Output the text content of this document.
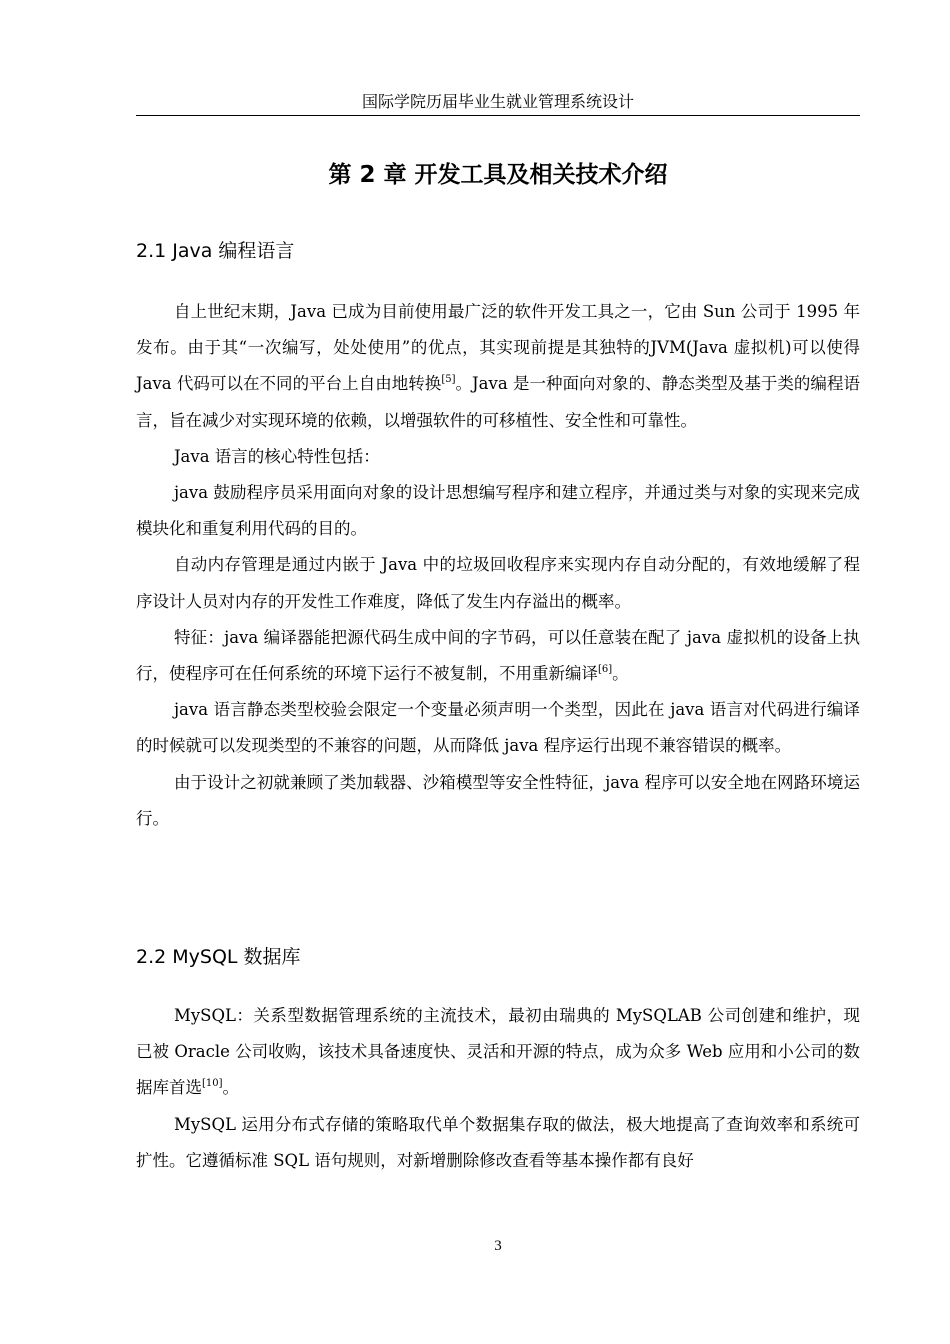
国际学院历届毕业生就业管理系统设计
第 2 章 开发工具及相关技术介绍
2.1 Java 编程语言

自上世纪末期，Java 已成为目前使用最广泛的软件开发工具之一，它由 Sun 公司于 1995 年发布。由于其“一次编写，处处使用”的优点，其实现前提是其独特的JVM(Java 虚拟机)可以使得 Java 代码可以在不同的平台上自由地转换[5]。Java 是一种面向对象的、静态类型及基于类的编程语言，旨在减少对实现环境的依赖，以增强软件的可移植性、安全性和可靠性。

Java 语言的核心特性包括：

java 鼓励程序员采用面向对象的设计思想编写程序和建立程序，并通过类与对象的实现来完成模块化和重复利用代码的目的。

自动内存管理是通过内嵌于 Java 中的垃圾回收程序来实现内存自动分配的，有效地缓解了程序设计人员对内存的开发性工作难度，降低了发生内存溢出的概率。

特征：java 编译器能把源代码生成中间的字节码，可以任意装在配了 java 虚拟机的设备上执行，使程序可在任何系统的环境下运行不被复制，不用重新编译[6]。

java 语言静态类型校验会限定一个变量必须声明一个类型，因此在 java 语言对代码进行编译的时候就可以发现类型的不兼容的问题，从而降低 java 程序运行出现不兼容错误的概率。

由于设计之初就兼顾了类加载器、沙箱模型等安全性特征，java 程序可以安全地在网路环境运行。

2.2 MySQL 数据库

MySQL：关系型数据管理系统的主流技术，最初由瑞典的 MySQLAB 公司创建和维护，现已被 Oracle 公司收购，该技术具备速度快、灵活和开源的特点，成为众多 Web 应用和小公司的数据库首选[10]。

MySQL 运用分布式存储的策略取代单个数据集存取的做法，极大地提高了查询效率和系统可扩性。它遵循标准 SQL 语句规则，对新增删除修改查看等基本操作都有良好

3
